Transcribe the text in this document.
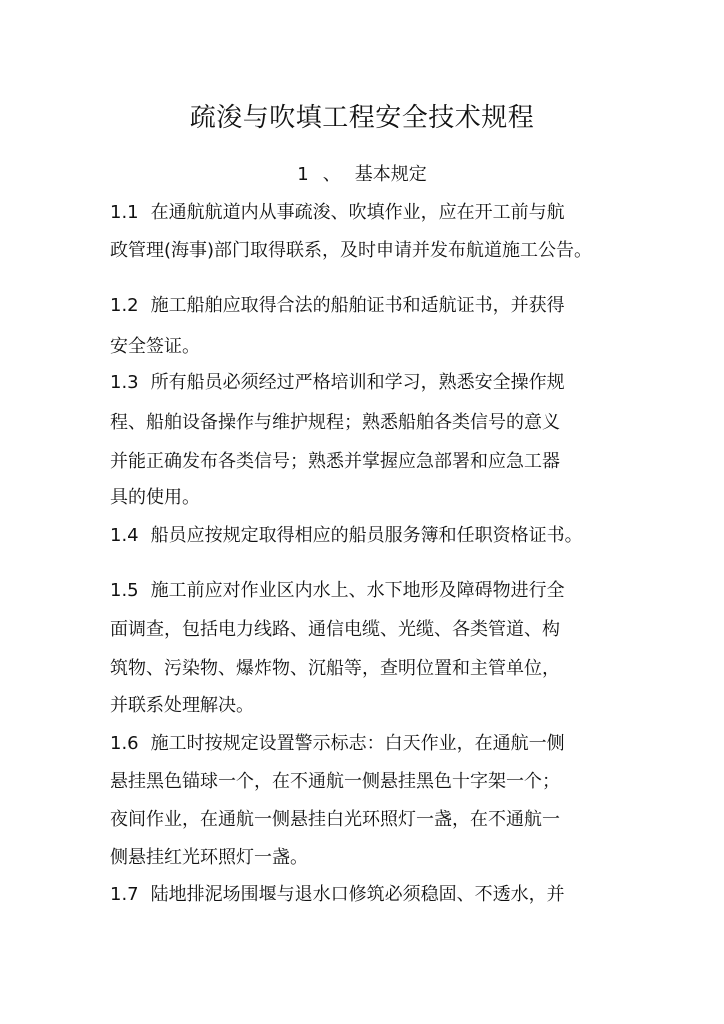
疏浚与吹填工程安全技术规程
1 、 基本规定

1.1 在通航航道内从事疏浚、吹填作业，应在开工前与航

政管理(海事)部门取得联系，及时申请并发布航道施工公告。

1.2 施工船舶应取得合法的船舶证书和适航证书，并获得

安全签证。

1.3 所有船员必须经过严格培训和学习，熟悉安全操作规

程、船舶设备操作与维护规程；熟悉船舶各类信号的意义

并能正确发布各类信号；熟悉并掌握应急部署和应急工器

具的使用。

1.4 船员应按规定取得相应的船员服务簿和任职资格证书。

1.5 施工前应对作业区内水上、水下地形及障碍物进行全

面调查，包括电力线路、通信电缆、光缆、各类管道、构

筑物、污染物、爆炸物、沉船等，查明位置和主管单位，

并联系处理解决。

1.6 施工时按规定设置警示标志：白天作业，在通航一侧

悬挂黑色锚球一个，在不通航一侧悬挂黑色十字架一个；

夜间作业，在通航一侧悬挂白光环照灯一盏，在不通航一

侧悬挂红光环照灯一盏。

1.7 陆地排泥场围堰与退水口修筑必须稳固、不透水，并
